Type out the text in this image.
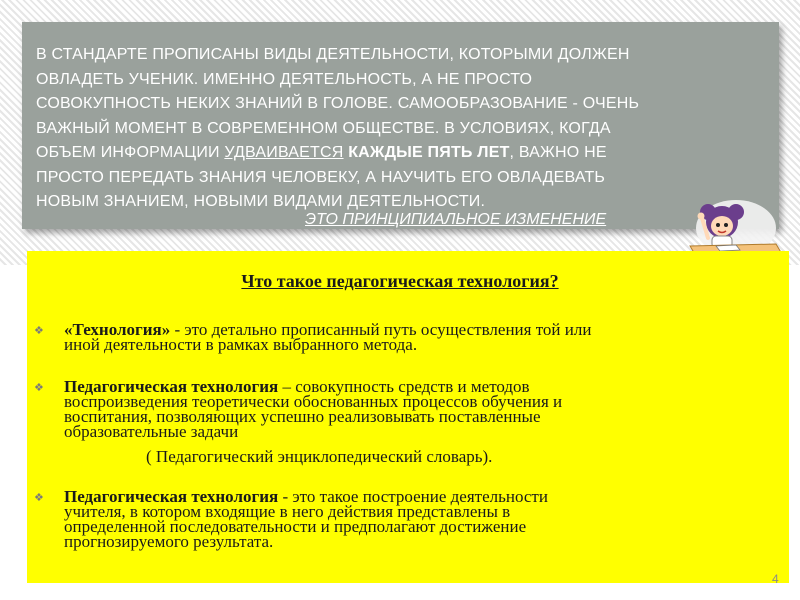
В СТАНДАРТЕ ПРОПИСАНЫ ВИДЫ ДЕЯТЕЛЬНОСТИ, КОТОРЫМИ ДОЛЖЕН
ОВЛАДЕТЬ УЧЕНИК. ИМЕННО ДЕЯТЕЛЬНОСТЬ, А НЕ ПРОСТО
СОВОКУПНОСТЬ НЕКИХ ЗНАНИЙ В ГОЛОВЕ. САМООБРАЗОВАНИЕ - ОЧЕНЬ
ВАЖНЫЙ МОМЕНТ В СОВРЕМЕННОМ ОБЩЕСТВЕ. В УСЛОВИЯХ, КОГДА
ОБЪЕМ ИНФОРМАЦИИ УДВАИВАЕТСЯ КАЖДЫЕ ПЯТЬ ЛЕТ, ВАЖНО НЕ
ПРОСТО ПЕРЕДАТЬ ЗНАНИЯ ЧЕЛОВЕКУ, А НАУЧИТЬ ЕГО ОВЛАДЕВАТЬ
НОВЫМ ЗНАНИЕМ, НОВЫМИ ВИДАМИ ДЕЯТЕЛЬНОСТИ.
ЭТО ПРИНЦИПИАЛЬНОЕ ИЗМЕНЕНИЕ
Что такое педагогическая технология?
❖ «Технология» - это детально прописанный путь осуществления той или
иной деятельности в рамках выбранного метода.
❖ Педагогическая технология – совокупность средств и методов
воспроизведения теоретически обоснованных процессов обучения и
воспитания, позволяющих успешно реализовывать поставленные
образовательные задачи
( Педагогический энциклопедический словарь).
❖ Педагогическая технология - это такое построение деятельности
учителя, в котором входящие в него действия представлены в
определенной последовательности и предполагают достижение
прогнозируемого результата.
4
